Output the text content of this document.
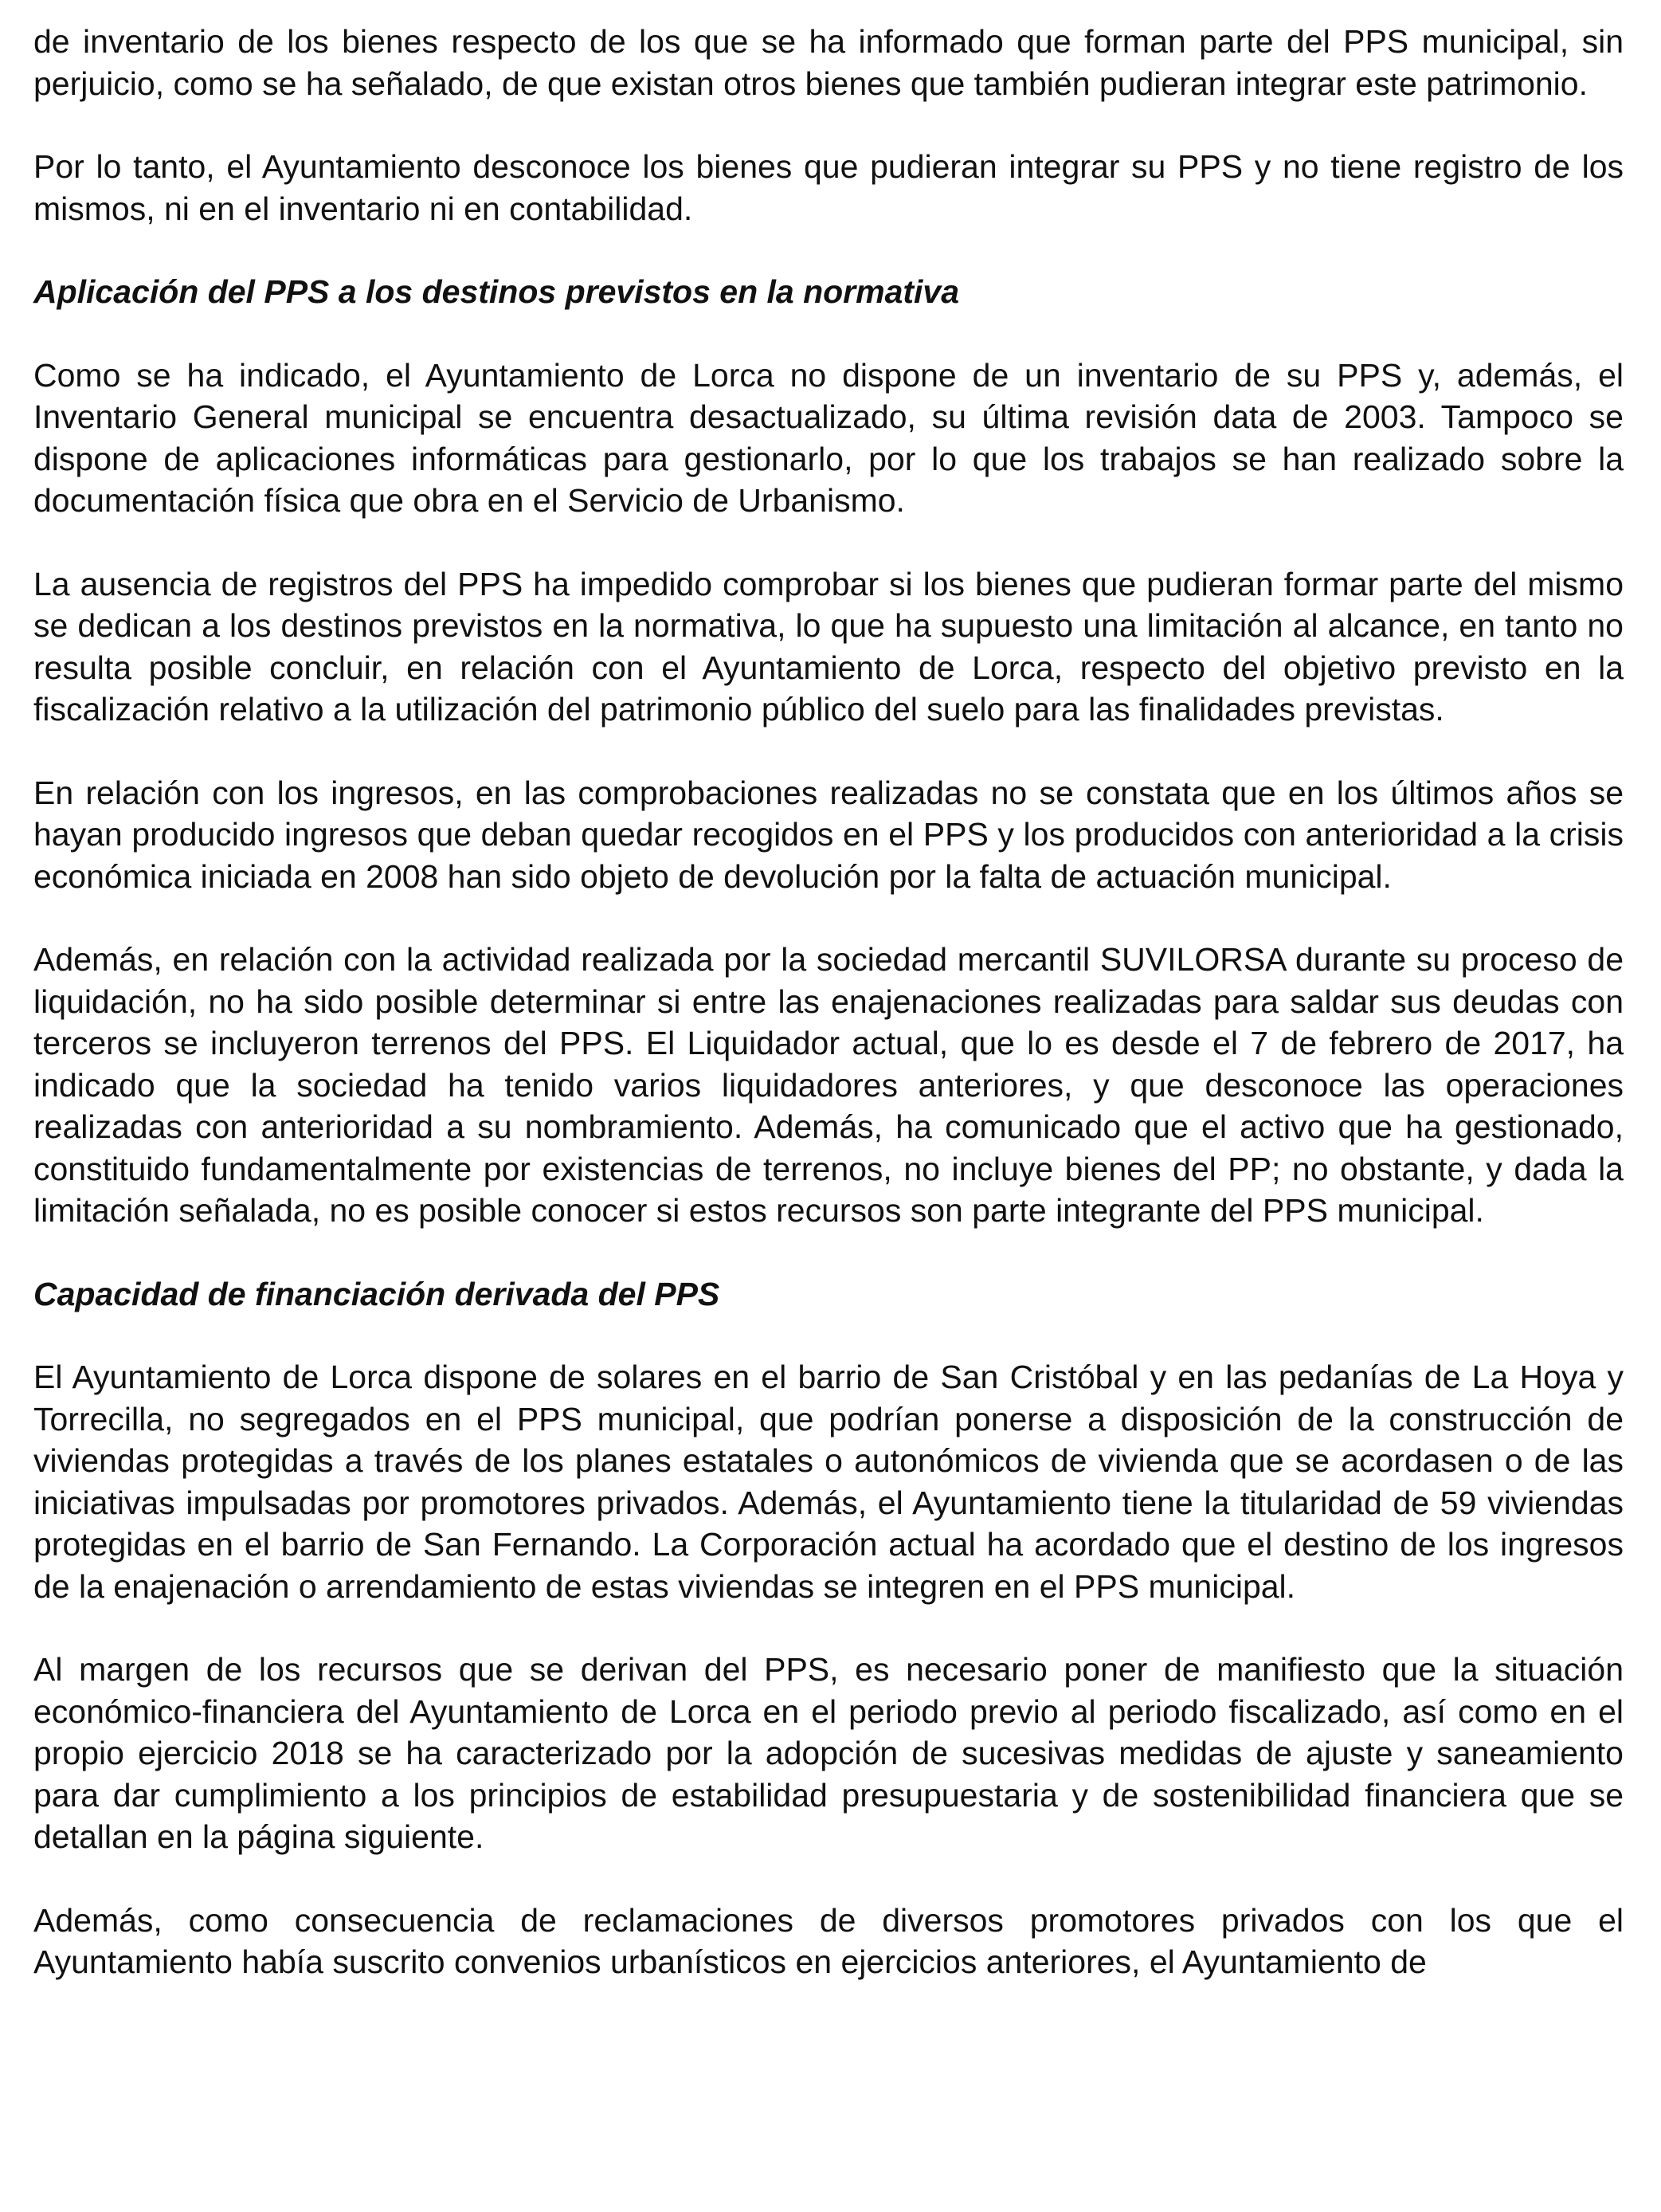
de inventario de los bienes respecto de los que se ha informado que forman parte del PPS municipal, sin perjuicio, como se ha señalado, de que existan otros bienes que también pudieran integrar este patrimonio.

Por lo tanto, el Ayuntamiento desconoce los bienes que pudieran integrar su PPS y no tiene registro de los mismos, ni en el inventario ni en contabilidad.

Aplicación del PPS a los destinos previstos en la normativa

Como se ha indicado, el Ayuntamiento de Lorca no dispone de un inventario de su PPS y, además, el Inventario General municipal se encuentra desactualizado, su última revisión data de 2003. Tampoco se dispone de aplicaciones informáticas para gestionarlo, por lo que los trabajos se han realizado sobre la documentación física que obra en el Servicio de Urbanismo.

La ausencia de registros del PPS ha impedido comprobar si los bienes que pudieran formar parte del mismo se dedican a los destinos previstos en la normativa, lo que ha supuesto una limitación al alcance, en tanto no resulta posible concluir, en relación con el Ayuntamiento de Lorca, respecto del objetivo previsto en la fiscalización relativo a la utilización del patrimonio público del suelo para las finalidades previstas.

En relación con los ingresos, en las comprobaciones realizadas no se constata que en los últimos años se hayan producido ingresos que deban quedar recogidos en el PPS y los producidos con anterioridad a la crisis económica iniciada en 2008 han sido objeto de devolución por la falta de actuación municipal.

Además, en relación con la actividad realizada por la sociedad mercantil SUVILORSA durante su proceso de liquidación, no ha sido posible determinar si entre las enajenaciones realizadas para saldar sus deudas con terceros se incluyeron terrenos del PPS. El Liquidador actual, que lo es desde el 7 de febrero de 2017, ha indicado que la sociedad ha tenido varios liquidadores anteriores, y que desconoce las operaciones realizadas con anterioridad a su nombramiento. Además, ha comunicado que el activo que ha gestionado, constituido fundamentalmente por existencias de terrenos, no incluye bienes del PP; no obstante, y dada la limitación señalada, no es posible conocer si estos recursos son parte integrante del PPS municipal.

Capacidad de financiación derivada del PPS

El Ayuntamiento de Lorca dispone de solares en el barrio de San Cristóbal y en las pedanías de La Hoya y Torrecilla, no segregados en el PPS municipal, que podrían ponerse a disposición de la construcción de viviendas protegidas a través de los planes estatales o autonómicos de vivienda que se acordasen o de las iniciativas impulsadas por promotores privados. Además, el Ayuntamiento tiene la titularidad de 59 viviendas protegidas en el barrio de San Fernando. La Corporación actual ha acordado que el destino de los ingresos de la enajenación o arrendamiento de estas viviendas se integren en el PPS municipal.

Al margen de los recursos que se derivan del PPS, es necesario poner de manifiesto que la situación económico-financiera del Ayuntamiento de Lorca en el periodo previo al periodo fiscalizado, así como en el propio ejercicio 2018 se ha caracterizado por la adopción de sucesivas medidas de ajuste y saneamiento para dar cumplimiento a los principios de estabilidad presupuestaria y de sostenibilidad financiera que se detallan en la página siguiente.

Además, como consecuencia de reclamaciones de diversos promotores privados con los que el Ayuntamiento había suscrito convenios urbanísticos en ejercicios anteriores, el Ayuntamiento de
